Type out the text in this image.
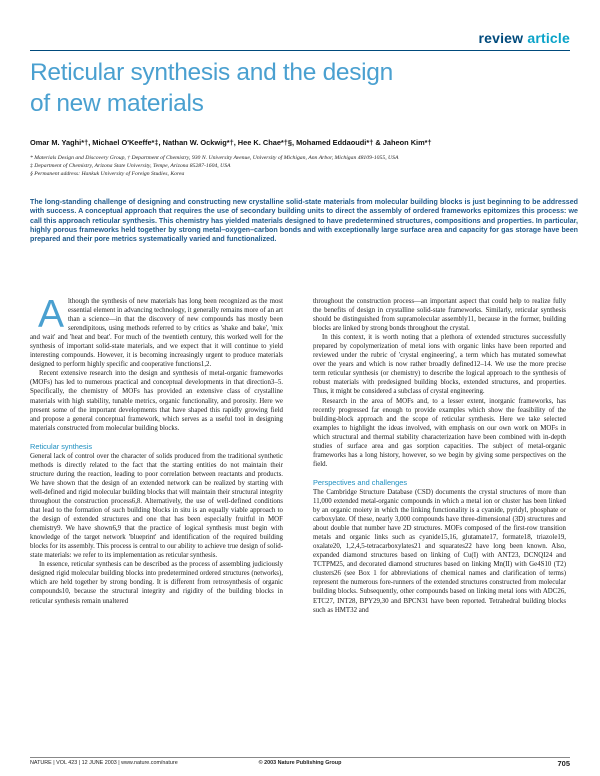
review article
Reticular synthesis and the design
of new materials
Omar M. Yaghi*†, Michael O'Keeffe*‡, Nathan W. Ockwig*†, Hee K. Chae*†§, Mohamed Eddaoudi*† & Jaheon Kim*†
* Materials Design and Discovery Group, † Department of Chemistry, 930 N. University Avenue, University of Michigan, Ann Arbor, Michigan 48109-1055, USA
‡ Department of Chemistry, Arizona State University, Tempe, Arizona 85287-1604, USA
§ Permanent address: Hankuk University of Foreign Studies, Korea

The long-standing challenge of designing and constructing new crystalline solid-state materials from molecular building blocks is just beginning to be addressed with success. A conceptual approach that requires the use of secondary building units to direct the assembly of ordered frameworks epitomizes this process: we call this approach reticular synthesis. This chemistry has yielded materials designed to have predetermined structures, compositions and properties. In particular, highly porous frameworks held together by strong metal–oxygen–carbon bonds and with exceptionally large surface area and capacity for gas storage have been prepared and their pore metrics systematically varied and functionalized.

A lthough the synthesis of new materials has long been recognized as the most essential element in advancing technology, it generally remains more of an art than a science—in that the discovery of new compounds has mostly been serendipitous, using methods referred to by critics as 'shake and bake', 'mix and wait' and 'heat and beat'. For much of the twentieth century, this worked well for the synthesis of important solid-state materials, and we expect that it will continue to yield interesting compounds. However, it is becoming increasingly urgent to produce materials designed to perform highly specific and cooperative functions1,2.

Recent extensive research into the design and synthesis of metal-organic frameworks (MOFs) has led to numerous practical and conceptual developments in that direction3–5. Specifically, the chemistry of MOFs has provided an extensive class of crystalline materials with high stability, tunable metrics, organic functionality, and porosity. Here we present some of the important developments that have shaped this rapidly growing field and propose a general conceptual framework, which serves as a useful tool in designing materials constructed from molecular building blocks.

Reticular synthesis

General lack of control over the character of solids produced from the traditional synthetic methods is directly related to the fact that the starting entities do not maintain their structure during the reaction, leading to poor correlation between reactants and products. We have shown that the design of an extended network can be realized by starting with well-defined and rigid molecular building blocks that will maintain their structural integrity throughout the construction process6,8. Alternatively, the use of well-defined conditions that lead to the formation of such building blocks in situ is an equally viable approach to the design of extended structures and one that has been especially fruitful in MOF chemistry9. We have shown6,9 that the practice of logical synthesis must begin with knowledge of the target network 'blueprint' and identification of the required building blocks for its assembly. This process is central to our ability to achieve true design of solid-state materials: we refer to its implementation as reticular synthesis.

In essence, reticular synthesis can be described as the process of assembling judiciously designed rigid molecular building blocks into predetermined ordered structures (networks), which are held together by strong bonding. It is different from retrosynthesis of organic compounds10, because the structural integrity and rigidity of the building blocks in reticular synthesis remain unaltered

throughout the construction process—an important aspect that could help to realize fully the benefits of design in crystalline solid-state frameworks. Similarly, reticular synthesis should be distinguished from supramolecular assembly11, because in the former, building blocks are linked by strong bonds throughout the crystal.

In this context, it is worth noting that a plethora of extended structures successfully prepared by copolymerization of metal ions with organic links have been reported and reviewed under the rubric of 'crystal engineering', a term which has mutated somewhat over the years and which is now rather broadly defined12–14. We use the more precise term reticular synthesis (or chemistry) to describe the logical approach to the synthesis of robust materials with predesigned building blocks, extended structures, and properties. Thus, it might be considered a subclass of crystal engineering.

Research in the area of MOFs and, to a lesser extent, inorganic frameworks, has recently progressed far enough to provide examples which show the feasibility of the building-block approach and the scope of reticular synthesis. Here we take selected examples to highlight the ideas involved, with emphasis on our own work on MOFs in which structural and thermal stability characterization have been combined with in-depth studies of surface area and gas sorption capacities. The subject of metal-organic frameworks has a long history, however, so we begin by giving some perspectives on the field.

Perspectives and challenges

The Cambridge Structure Database (CSD) documents the crystal structures of more than 11,000 extended metal-organic compounds in which a metal ion or cluster has been linked by an organic moiety in which the linking functionality is a cyanide, pyridyl, phosphate or carboxylate. Of these, nearly 3,000 compounds have three-dimensional (3D) structures and about double that number have 2D structures. MOFs composed of the first-row transition metals and organic links such as cyanide15,16, glutamate17, formate18, triazole19, oxalate20, 1,2,4,5-tetracarboxylates21 and squarates22 have long been known. Also, expanded diamond structures based on linking of Cu(I) with ANT23, DCNQI24 and TCTPM25, and decorated diamond structures based on linking Mn(II) with Ge4S10 (T2) clusters26 (see Box 1 for abbreviations of chemical names and clarification of terms) represent the numerous fore-runners of the extended structures constructed from molecular building blocks. Subsequently, other compounds based on linking metal ions with ADC26, ETC27, INT28, BPY29,30 and BPCN31 have been reported. Tetrahedral building blocks such as HMT32 and

NATURE | VOL 423 | 12 JUNE 2003 | www.nature.com/nature	© 2003 Nature Publishing Group	705
